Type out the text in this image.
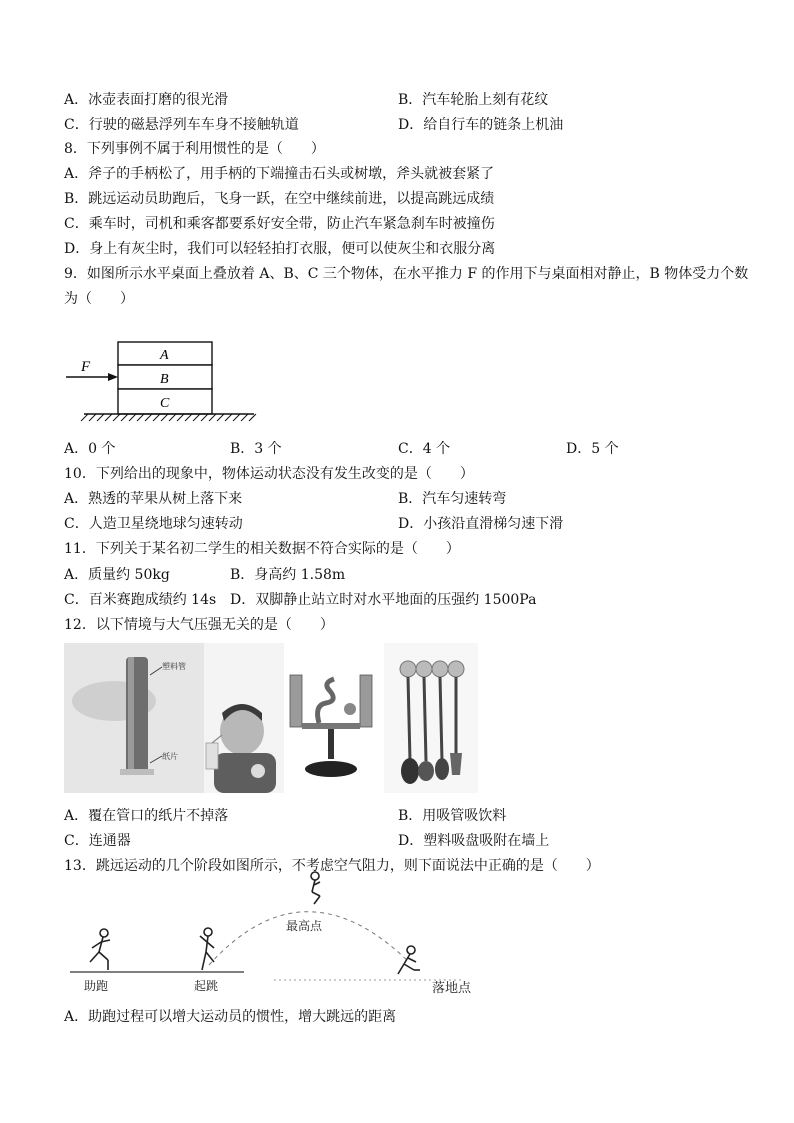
A．冰壶表面打磨的很光滑	B．汽车轮胎上刻有花纹
C．行驶的磁悬浮列车车身不接触轨道	D．给自行车的链条上机油
8．下列事例不属于利用惯性的是（　　）
A．斧子的手柄松了，用手柄的下端撞击石头或树墩，斧头就被套紧了
B．跳远运动员助跑后，飞身一跃，在空中继续前进，以提高跳远成绩
C．乘车时，司机和乘客都要系好安全带，防止汽车紧急刹车时被撞伤
D．身上有灰尘时，我们可以轻轻拍打衣服，便可以使灰尘和衣服分离
9．如图所示水平桌面上叠放着 A、B、C 三个物体，在水平推力 F 的作用下与桌面相对静止，B 物体受力个数
为（　　）
F
A
B
C
A．0 个	B．3 个	C．4 个	D．5 个
10．下列给出的现象中，物体运动状态没有发生改变的是（　　）
A．熟透的苹果从树上落下来	B．汽车匀速转弯
C．人造卫星绕地球匀速转动	D．小孩沿直滑梯匀速下滑
11．下列关于某名初二学生的相关数据不符合实际的是（　　）
A．质量约 50kg	B．身高约 1.58m
C．百米赛跑成绩约 14s D．双脚静止站立时对水平地面的压强约 1500Pa
12．以下情境与大气压强无关的是（　　）
塑料管
纸片
A．覆在管口的纸片不掉落	B．用吸管吸饮料
C．连通器	D．塑料吸盘吸附在墙上
13．跳远运动的几个阶段如图所示，不考虑空气阻力，则下面说法中正确的是（　　）
最高点
助跑	起跳	落地点
A．助跑过程可以增大运动员的惯性，增大跳远的距离
